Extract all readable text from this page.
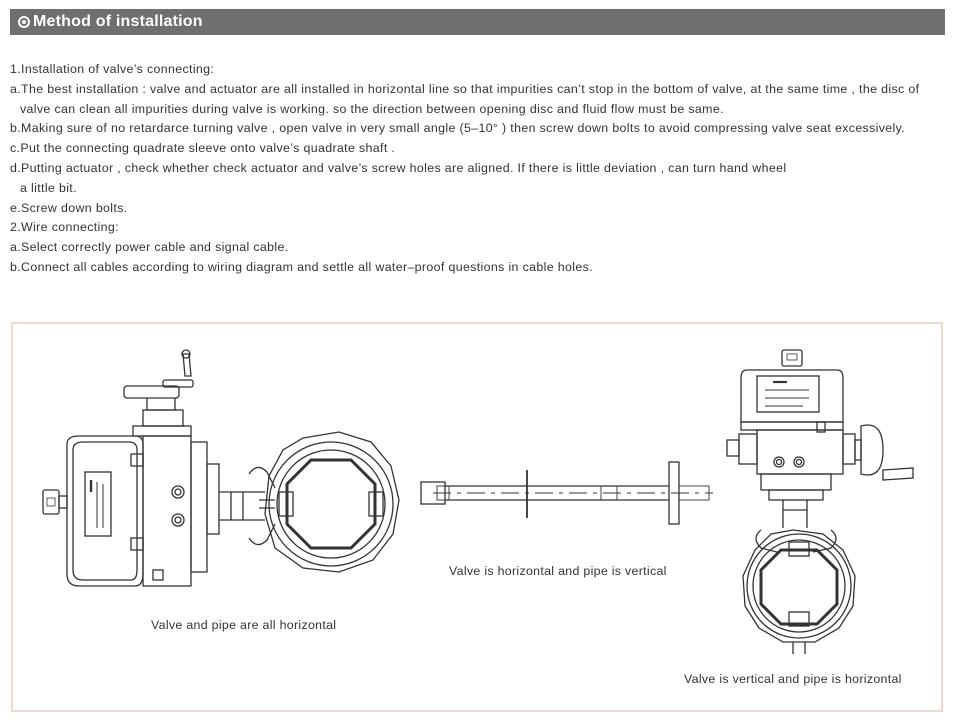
Method of installation

1.Installation of valve’s connecting:

a.The best installation : valve and actuator are all installed in horizontal line so that impurities can’t stop in the bottom of valve, at the same time , the disc of

valve can clean all impurities during valve is working. so the direction between opening disc and fluid flow must be same.

b.Making sure of no retardarce turning valve , open valve in very small angle (5–10° ) then screw down bolts to avoid compressing valve seat excessively.

c.Put the connecting quadrate sleeve onto valve’s quadrate shaft .

d.Putting actuator , check whether check actuator and valve’s screw holes are aligned. If there is little deviation , can turn hand wheel

a little bit.

e.Screw down bolts.

2.Wire connecting:

a.Select correctly power cable and signal cable.

b.Connect all cables according to wiring diagram and settle all water–proof questions in cable holes.

Valve and pipe are all horizontal
Valve is horizontal and pipe is vertical
Valve is vertical and pipe is horizontal
